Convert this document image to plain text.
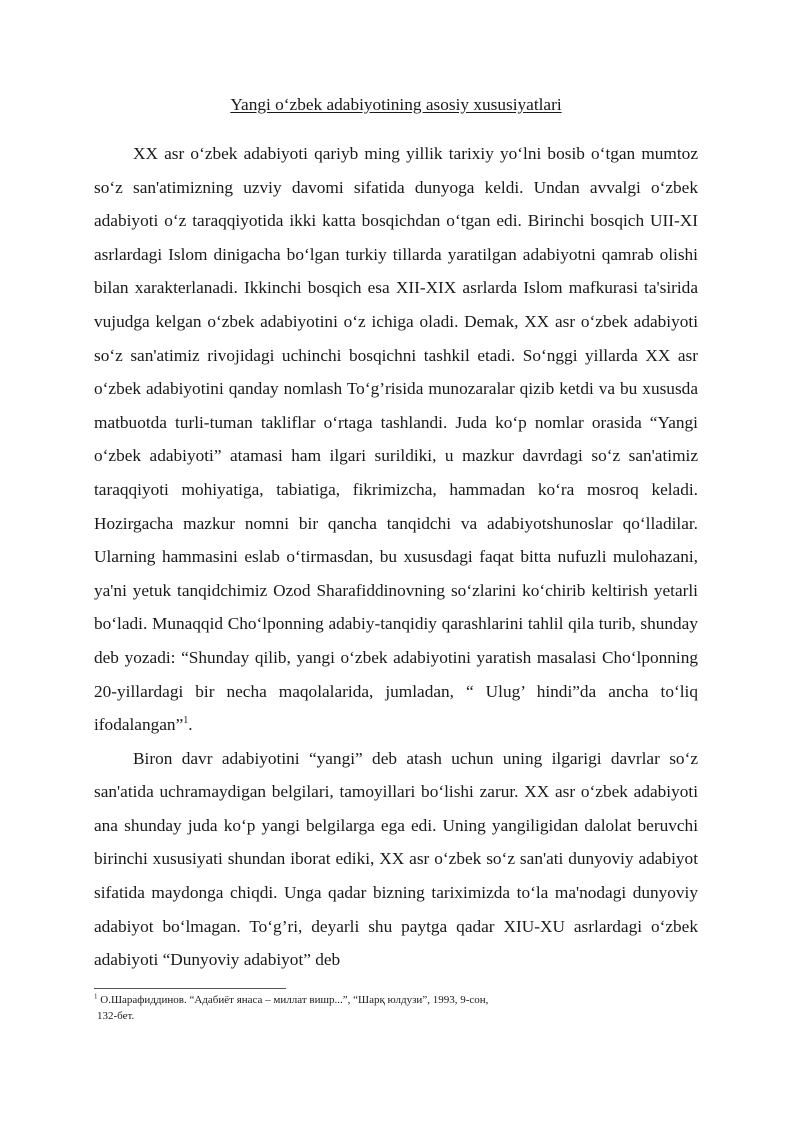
Yangi o‘zbek adabiyotining asosiy xususiyatlari

XX asr o‘zbek adabiyoti qariyb ming yillik tarixiy yo‘lni bosib o‘tgan mumtoz so‘z san'atimizning uzviy davomi sifatida dunyoga keldi. Undan avvalgi o‘zbek adabiyoti o‘z taraqqiyotida ikki katta bosqichdan o‘tgan edi. Birinchi bosqich UII-XI asrlardagi Islom dinigacha bo‘lgan turkiy tillarda yaratilgan adabiyotni qamrab olishi bilan xarakterlanadi. Ikkinchi bosqich esa XII-XIX asrlarda Islom mafkurasi ta'sirida vujudga kelgan o‘zbek adabiyotini o‘z ichiga oladi. Demak, XX asr o‘zbek adabiyoti so‘z san'atimiz rivojidagi uchinchi bosqichni tashkil etadi. So‘nggi yillarda XX asr o‘zbek adabiyotini qanday nomlash To‘g’risida munozaralar qizib ketdi va bu xususda matbuotda turli-tuman takliflar o‘rtaga tashlandi. Juda ko‘p nomlar orasida “Yangi o‘zbek adabiyoti” atamasi ham ilgari surildiki, u mazkur davrdagi so‘z san'atimiz taraqqiyoti mohiyatiga, tabiatiga, fikrimizcha, hammadan ko‘ra mosroq keladi. Hozirgacha mazkur nomni bir qancha tanqidchi va adabiyotshunoslar qo‘lladilar. Ularning hammasini eslab o‘tirmasdan, bu xususdagi faqat bitta nufuzli mulohazani, ya'ni yetuk tanqidchimiz Ozod Sharafiddinovning so‘zlarini ko‘chirib keltirish yetarli bo‘ladi. Munaqqid Cho‘lponning adabiy-tanqidiy qarashlarini tahlil qila turib, shunday deb yozadi: “Shunday qilib, yangi o‘zbek adabiyotini yaratish masalasi Cho‘lponning 20-yillardagi bir necha maqolalarida, jumladan, “ Ulug’ hindi”da ancha to‘liq ifodalangan”$^1$.

Biron davr adabiyotini “yangi” deb atash uchun uning ilgarigi davrlar so‘z san'atida uchramaydigan belgilari, tamoyillari bo‘lishi zarur. XX asr o‘zbek adabiyoti ana shunday juda ko‘p yangi belgilarga ega edi. Uning yangiligidan dalolat beruvchi birinchi xususiyati shundan iborat ediki, XX asr o‘zbek so‘z san'ati dunyoviy adabiyot sifatida maydonga chiqdi. Unga qadar bizning tariximizda to‘la ma'nodagi dunyoviy adabiyot bo‘lmagan. To‘g’ri, deyarli shu paytga qadar XIU-XU asrlardagi o‘zbek adabiyoti “Dunyoviy adabiyot” deb

$^1$ О.Шарафиддинов. “Адабиёт янаса – миллат вишр...”, “Шарқ юлдузи”, 1993, 9-сон,
132-бет.
